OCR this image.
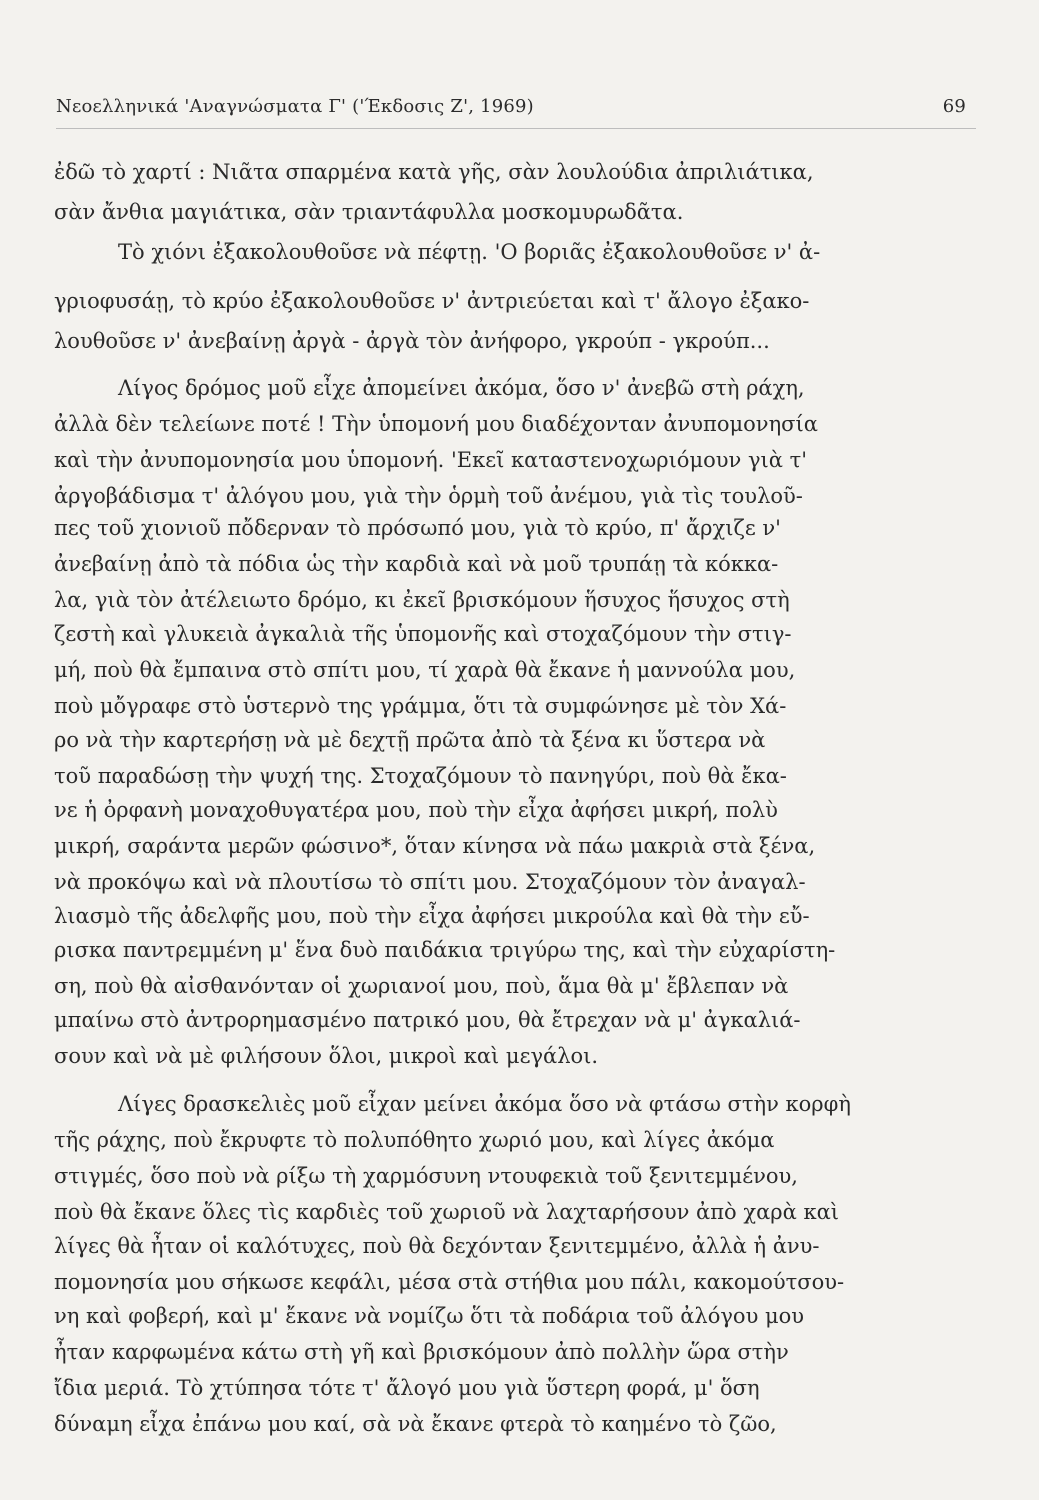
Νεοελληνικά 'Αναγνώσματα Γ' ('Έκδοσις Ζ', 1969)	69
ἐδῶ τὸ χαρτί : Νιᾶτα σπαρμένα κατὰ γῆς, σὰν λουλούδια ἀπριλιάτικα,
σὰν ἄνθια μαγιάτικα, σὰν τριαντάφυλλα μοσκομυρωδᾶτα.
Τὸ χιόνι ἐξακολουθοῦσε νὰ πέφτῃ. 'Ο βοριᾶς ἐξακολουθοῦσε ν' ἀ-
γριοφυσάῃ, τὸ κρύο ἐξακολουθοῦσε ν' ἀντριεύεται καὶ τ' ἄλογο ἐξακο-
λουθοῦσε ν' ἀνεβαίνῃ ἀργὰ - ἀργὰ τὸν ἀνήφορο, γκρούπ - γκρούπ...
Λίγος δρόμος μοῦ εἶχε ἀπομείνει ἀκόμα, ὅσο ν' ἀνεβῶ στὴ ράχη,
ἀλλὰ δὲν τελείωνε ποτέ ! Τὴν ὑπομονή μου διαδέχονταν ἀνυπομονησία
καὶ τὴν ἀνυπομονησία μου ὑπομονή. 'Εκεῖ καταστενοχωριόμουν γιὰ τ'
ἀργοβάδισμα τ' ἀλόγου μου, γιὰ τὴν ὁρμὴ τοῦ ἀνέμου, γιὰ τὶς τουλοῦ-
πες τοῦ χιονιοῦ πὄδερναν τὸ πρόσωπό μου, γιὰ τὸ κρύο, π' ἄρχιζε ν'
ἀνεβαίνῃ ἀπὸ τὰ πόδια ὡς τὴν καρδιὰ καὶ νὰ μοῦ τρυπάῃ τὰ κόκκα-
λα, γιὰ τὸν ἀτέλειωτο δρόμο, κι ἐκεῖ βρισκόμουν ἥσυχος ἥσυχος στὴ
ζεστὴ καὶ γλυκειὰ ἀγκαλιὰ τῆς ὑπομονῆς καὶ στοχαζόμουν τὴν στιγ-
μή, ποὺ θὰ ἔμπαινα στὸ σπίτι μου, τί χαρὰ θὰ ἔκανε ἡ μαννούλα μου,
ποὺ μὄγραφε στὸ ὑστερνὸ της γράμμα, ὅτι τὰ συμφώνησε μὲ τὸν Χά-
ρο νὰ τὴν καρτερήσῃ νὰ μὲ δεχτῇ πρῶτα ἀπὸ τὰ ξένα κι ὕστερα νὰ
τοῦ παραδώσῃ τὴν ψυχή της. Στοχαζόμουν τὸ πανηγύρι, ποὺ θὰ ἔκα-
νε ἡ ὀρφανὴ μοναχοθυγατέρα μου, ποὺ τὴν εἶχα ἀφήσει μικρή, πολὺ
μικρή, σαράντα μερῶν φώσινο*, ὅταν κίνησα νὰ πάω μακριὰ στὰ ξένα,
νὰ προκόψω καὶ νὰ πλουτίσω τὸ σπίτι μου. Στοχαζόμουν τὸν ἀναγαλ-
λιασμὸ τῆς ἀδελφῆς μου, ποὺ τὴν εἶχα ἀφήσει μικρούλα καὶ θὰ τὴν εὔ-
ρισκα παντρεμμένη μ' ἕνα δυὸ παιδάκια τριγύρω της, καὶ τὴν εὐχαρίστη-
ση, ποὺ θὰ αἰσθανόνταν οἱ χωριανοί μου, ποὺ, ἅμα θὰ μ' ἔβλεπαν νὰ
μπαίνω στὸ ἀντρορημασμένο πατρικό μου, θὰ ἔτρεχαν νὰ μ' ἀγκαλιά-
σουν καὶ νὰ μὲ φιλήσουν ὅλοι, μικροὶ καὶ μεγάλοι.
Λίγες δρασκελιὲς μοῦ εἶχαν μείνει ἀκόμα ὅσο νὰ φτάσω στὴν κορφὴ
τῆς ράχης, ποὺ ἔκρυφτε τὸ πολυπόθητο χωριό μου, καὶ λίγες ἀκόμα
στιγμές, ὅσο ποὺ νὰ ρίξω τὴ χαρμόσυνη ντουφεκιὰ τοῦ ξενιτεμμένου,
ποὺ θὰ ἔκανε ὅλες τὶς καρδιὲς τοῦ χωριοῦ νὰ λαχταρήσουν ἀπὸ χαρὰ καὶ
λίγες θὰ ἦταν οἱ καλότυχες, ποὺ θὰ δεχόνταν ξενιτεμμένο, ἀλλὰ ἡ ἀνυ-
πομονησία μου σήκωσε κεφάλι, μέσα στὰ στήθια μου πάλι, κακομούτσου-
νη καὶ φοβερή, καὶ μ' ἔκανε νὰ νομίζω ὅτι τὰ ποδάρια τοῦ ἀλόγου μου
ἦταν καρφωμένα κάτω στὴ γῆ καὶ βρισκόμουν ἀπὸ πολλὴν ὥρα στὴν
ἴδια μεριά. Τὸ χτύπησα τότε τ' ἄλογό μου γιὰ ὕστερη φορά, μ' ὅση
δύναμη εἶχα ἐπάνω μου καί, σὰ νὰ ἔκανε φτερὰ τὸ καημένο τὸ ζῶο,
